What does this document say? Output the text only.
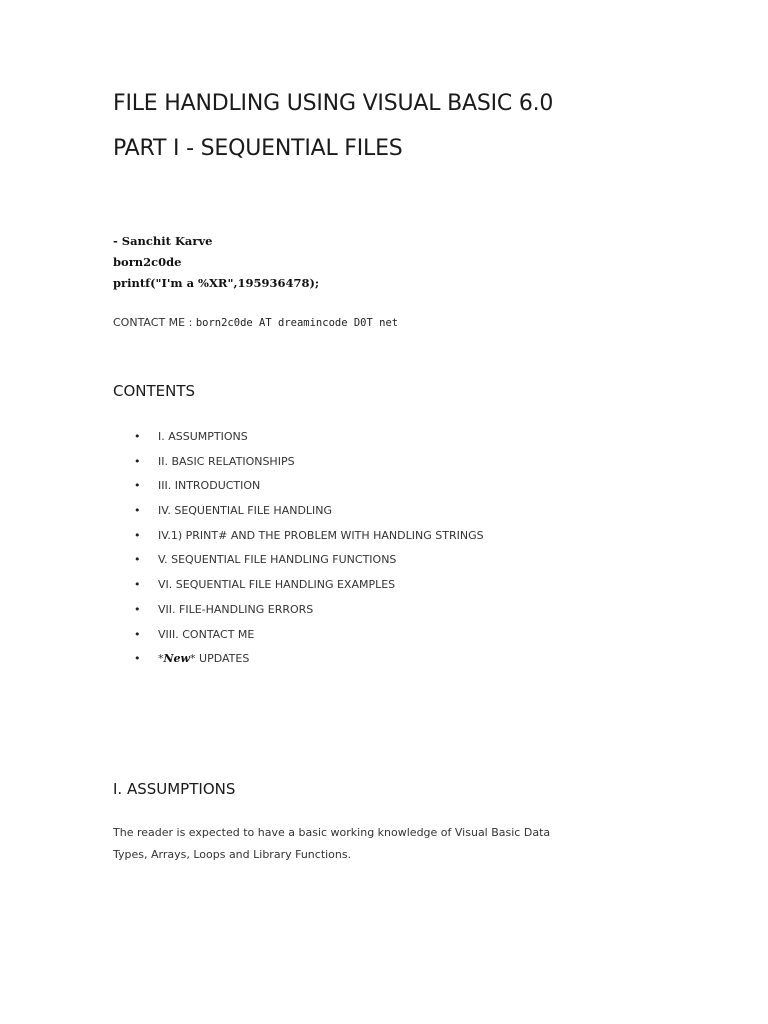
FILE HANDLING USING VISUAL BASIC 6.0
PART I - SEQUENTIAL FILES
- Sanchit Karve
born2c0de
printf("I'm a %XR",195936478);

CONTACT ME : born2c0de AT dreamincode D0T net

CONTENTS
• I. ASSUMPTIONS
• II. BASIC RELATIONSHIPS
• III. INTRODUCTION
• IV. SEQUENTIAL FILE HANDLING
• IV.1) PRINT# AND THE PROBLEM WITH HANDLING STRINGS
• V. SEQUENTIAL FILE HANDLING FUNCTIONS
• VI. SEQUENTIAL FILE HANDLING EXAMPLES
• VII. FILE-HANDLING ERRORS
• VIII. CONTACT ME
• *New* UPDATES
I. ASSUMPTIONS

The reader is expected to have a basic working knowledge of Visual Basic Data
Types, Arrays, Loops and Library Functions.
